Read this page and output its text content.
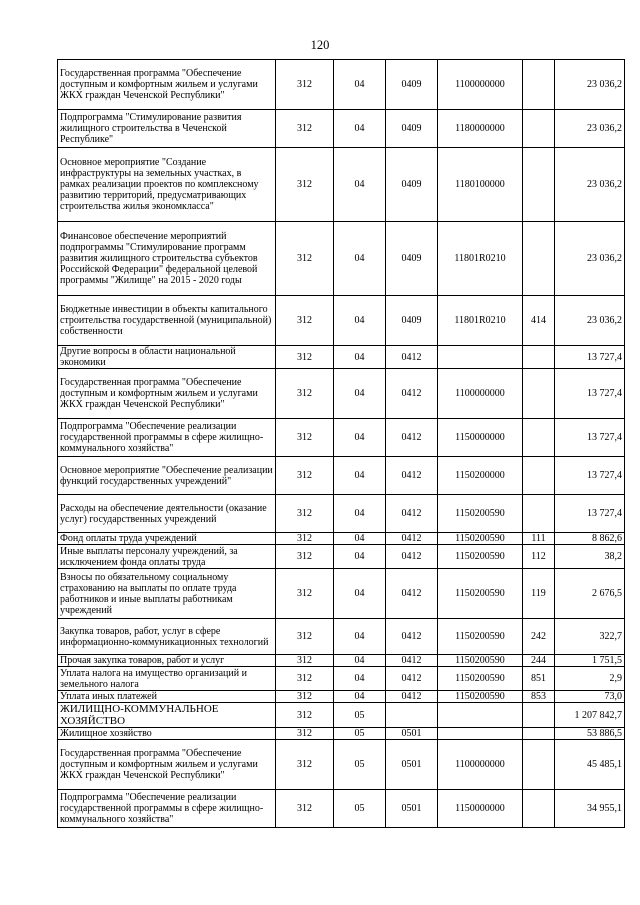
120
Государственная программа "Обеспечение доступным и комфортным жильем и услугами ЖКХ граждан Чеченской Республики"	312	04	0409	1100000000		23 036,2
Подпрограмма "Стимулирование развития жилищного строительства в Чеченской Республике"	312	04	0409	1180000000		23 036,2
Основное мероприятие "Создание инфраструктуры на земельных участках, в рамках реализации проектов по комплексному развитию территорий, предусматривающих строительства жилья экономкласса"	312	04	0409	1180100000		23 036,2
Финансовое обеспечение мероприятий подпрограммы "Стимулирование программ развития жилищного строительства субъектов Российской Федерации" федеральной целевой программы "Жилище" на 2015 - 2020 годы	312	04	0409	11801R0210		23 036,2
Бюджетные инвестиции в объекты капитального строительства государственной (муниципальной) собственности	312	04	0409	11801R0210	414	23 036,2
Другие вопросы в области национальной экономики	312	04	0412			13 727,4
Государственная программа "Обеспечение доступным и комфортным жильем и услугами ЖКХ граждан Чеченской Республики"	312	04	0412	1100000000		13 727,4
Подпрограмма "Обеспечение реализации государственной программы в сфере жилищно-коммунального хозяйства"	312	04	0412	1150000000		13 727,4
Основное мероприятие "Обеспечение реализации функций государственных учреждений"	312	04	0412	1150200000		13 727,4
Расходы на обеспечение деятельности (оказание услуг) государственных учреждений	312	04	0412	1150200590		13 727,4
Фонд оплаты труда учреждений	312	04	0412	1150200590	111	8 862,6
Иные выплаты персоналу учреждений, за исключением фонда оплаты труда	312	04	0412	1150200590	112	38,2
Взносы по обязательному социальному страхованию на выплаты по оплате труда работников и иные выплаты работникам учреждений	312	04	0412	1150200590	119	2 676,5
Закупка товаров, работ, услуг в сфере информационно-коммуникационных технологий	312	04	0412	1150200590	242	322,7
Прочая закупка товаров, работ и услуг	312	04	0412	1150200590	244	1 751,5
Уплата налога на имущество организаций и земельного налога	312	04	0412	1150200590	851	2,9
Уплата иных платежей	312	04	0412	1150200590	853	73,0
ЖИЛИЩНО-КОММУНАЛЬНОЕ ХОЗЯЙСТВО	312	05				1 207 842,7
Жилищное хозяйство	312	05	0501			53 886,5
Государственная программа "Обеспечение доступным и комфортным жильем и услугами ЖКХ граждан Чеченской Республики"	312	05	0501	1100000000		45 485,1
Подпрограмма "Обеспечение реализации государственной программы в сфере жилищно-коммунального хозяйства"	312	05	0501	1150000000		34 955,1
